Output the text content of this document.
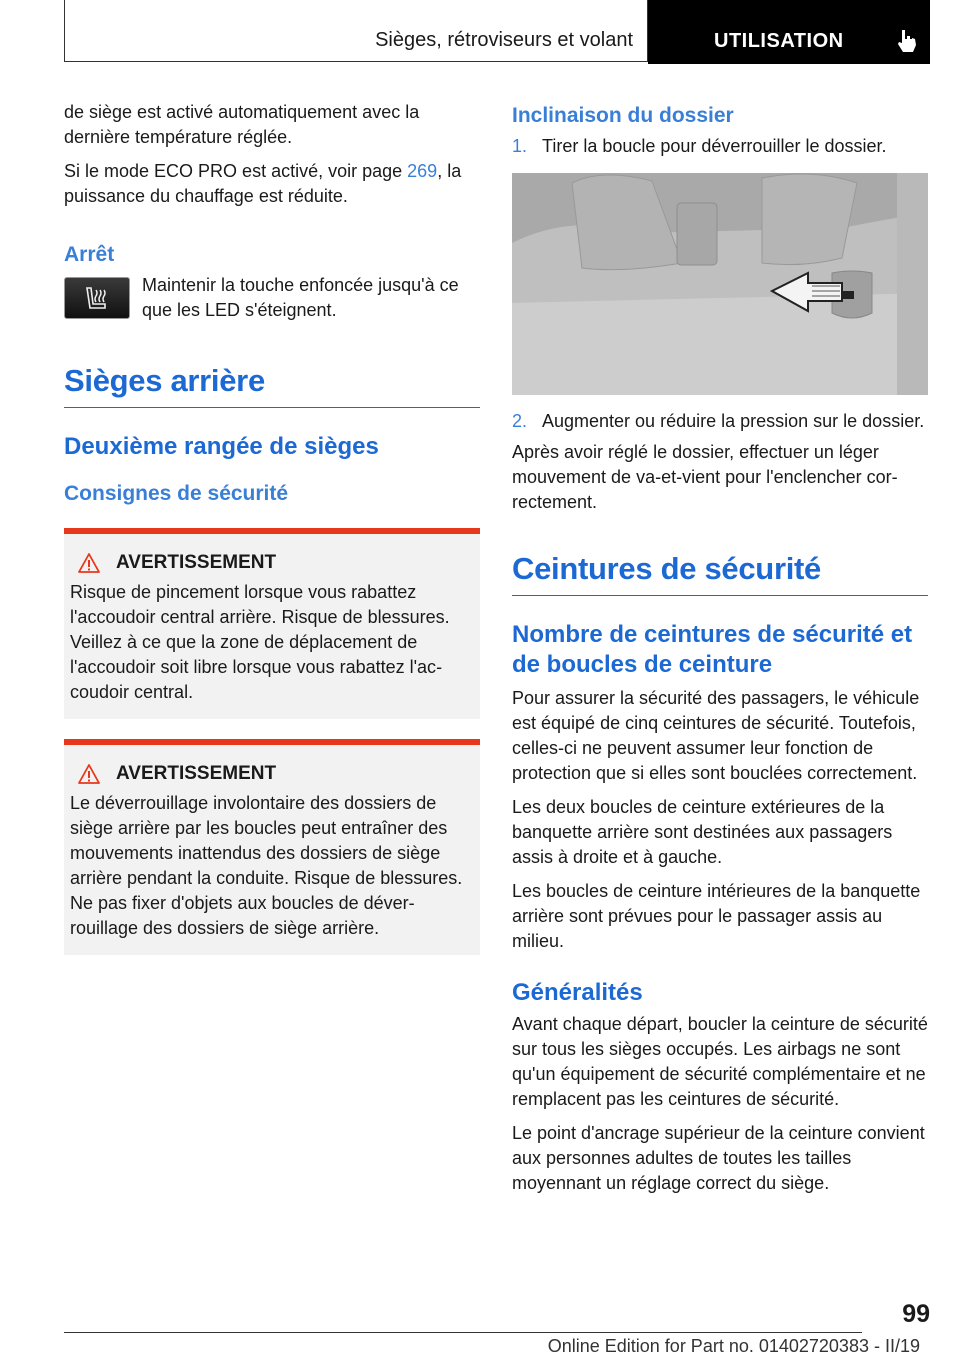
Sièges, rétroviseurs et volant	UTILISATION

de siège est activé automatiquement avec la dernière température réglée.

Si le mode ECO PRO est activé, voir page 269, la puissance du chauffage est réduite.

Arrêt
Maintenir la touche enfoncée jusqu'à ce que les LED s'éteignent.
Sièges arrière
Deuxième rangée de sièges
Consignes de sécurité
AVERTISSEMENT

Risque de pincement lorsque vous rabattez l'accoudoir central arrière. Risque de blessures. Veillez à ce que la zone de déplacement de l'accoudoir soit libre lorsque vous rabattez l'accoudoir central.

AVERTISSEMENT

Le déverrouillage involontaire des dossiers de siège arrière par les boucles peut entraîner des mouvements inattendus des dossiers de siège arrière pendant la conduite. Risque de blessures. Ne pas fixer d'objets aux boucles de déverrouillage des dossiers de siège arrière.

Inclinaison du dossier
1. Tirer la boucle pour déverrouiller le dossier.
2. Augmenter ou réduire la pression sur le dossier.

Après avoir réglé le dossier, effectuer un léger mouvement de va-et-vient pour l'enclencher correctement.

Ceintures de sécurité
Nombre de ceintures de sécurité et de boucles de ceinture

Pour assurer la sécurité des passagers, le véhicule est équipé de cinq ceintures de sécurité. Toutefois, celles-ci ne peuvent assumer leur fonction de protection que si elles sont bouclées correctement.

Les deux boucles de ceinture extérieures de la banquette arrière sont destinées aux passagers assis à droite et à gauche.

Les boucles de ceinture intérieures de la banquette arrière sont prévues pour le passager assis au milieu.

Généralités

Avant chaque départ, boucler la ceinture de sécurité sur tous les sièges occupés. Les airbags ne sont qu'un équipement de sécurité complémentaire et ne remplacent pas les ceintures de sécurité.

Le point d'ancrage supérieur de la ceinture convient aux personnes adultes de toutes les tailles moyennant un réglage correct du siège.

99
Online Edition for Part no. 01402720383 - II/19
